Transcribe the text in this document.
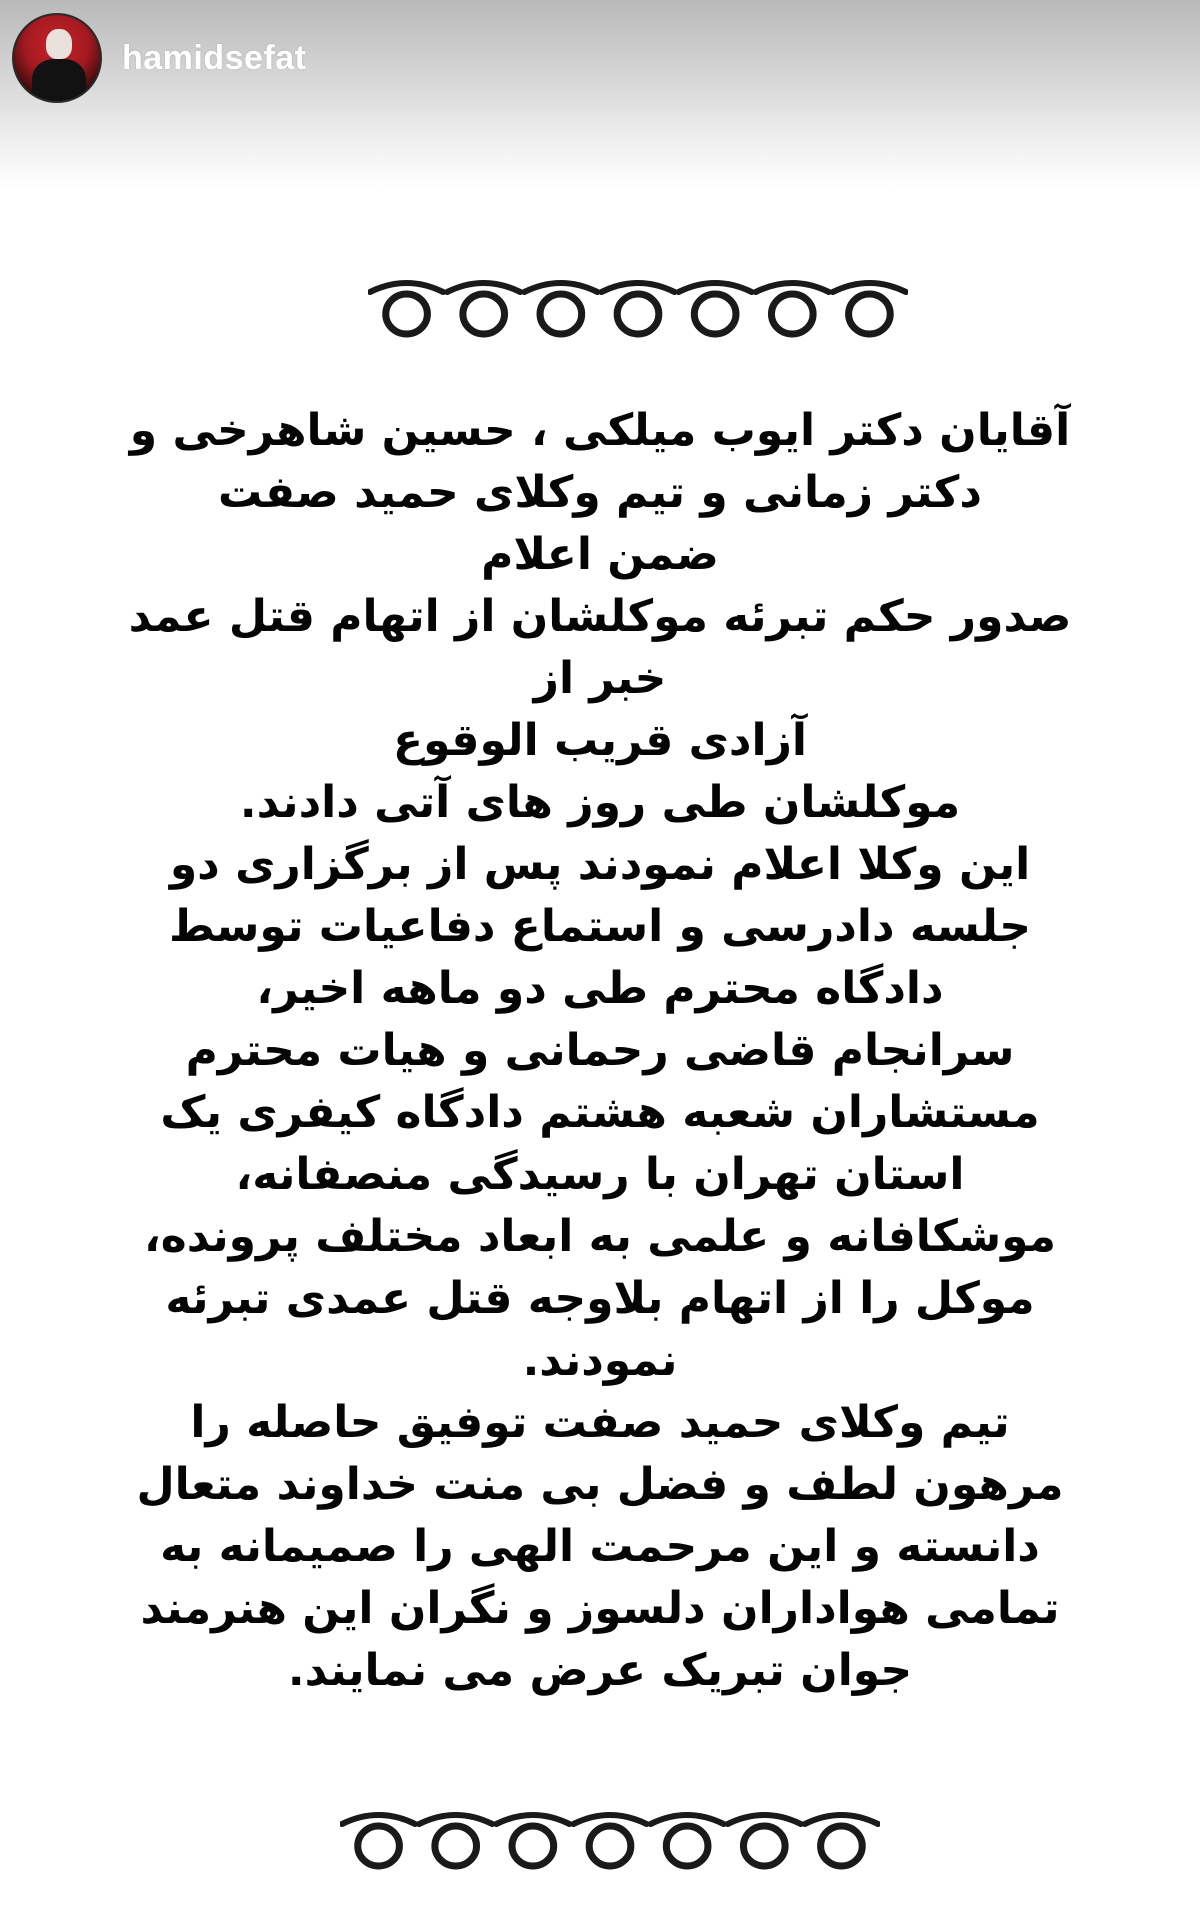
hamidsefat
آقایان دکتر ایوب میلکی ، حسین شاهرخی و
دکتر زمانی و تیم وکلای حمید صفت
ضمن اعلام
صدور حکم تبرئه موکلشان از اتهام قتل عمد
خبر از
آزادی قریب الوقوع
موکلشان طی روز های آتی دادند.
این وکلا اعلام نمودند پس از برگزاری دو
جلسه دادرسی و استماع دفاعیات توسط
دادگاه محترم طی دو ماهه اخیر،
سرانجام قاضی رحمانی و هیات محترم
مستشاران شعبه هشتم دادگاه کیفری یک
استان تهران با رسیدگی منصفانه،
موشکافانه و علمی به ابعاد مختلف پرونده،
موکل را از اتهام بلاوجه قتل عمدی تبرئه
نمودند.
تیم وکلای حمید صفت توفیق حاصله را
مرهون لطف و فضل بی منت خداوند متعال
دانسته و این مرحمت الهی را صمیمانه به
تمامی هواداران دلسوز و نگران این هنرمند
جوان تبریک عرض می نمایند.
